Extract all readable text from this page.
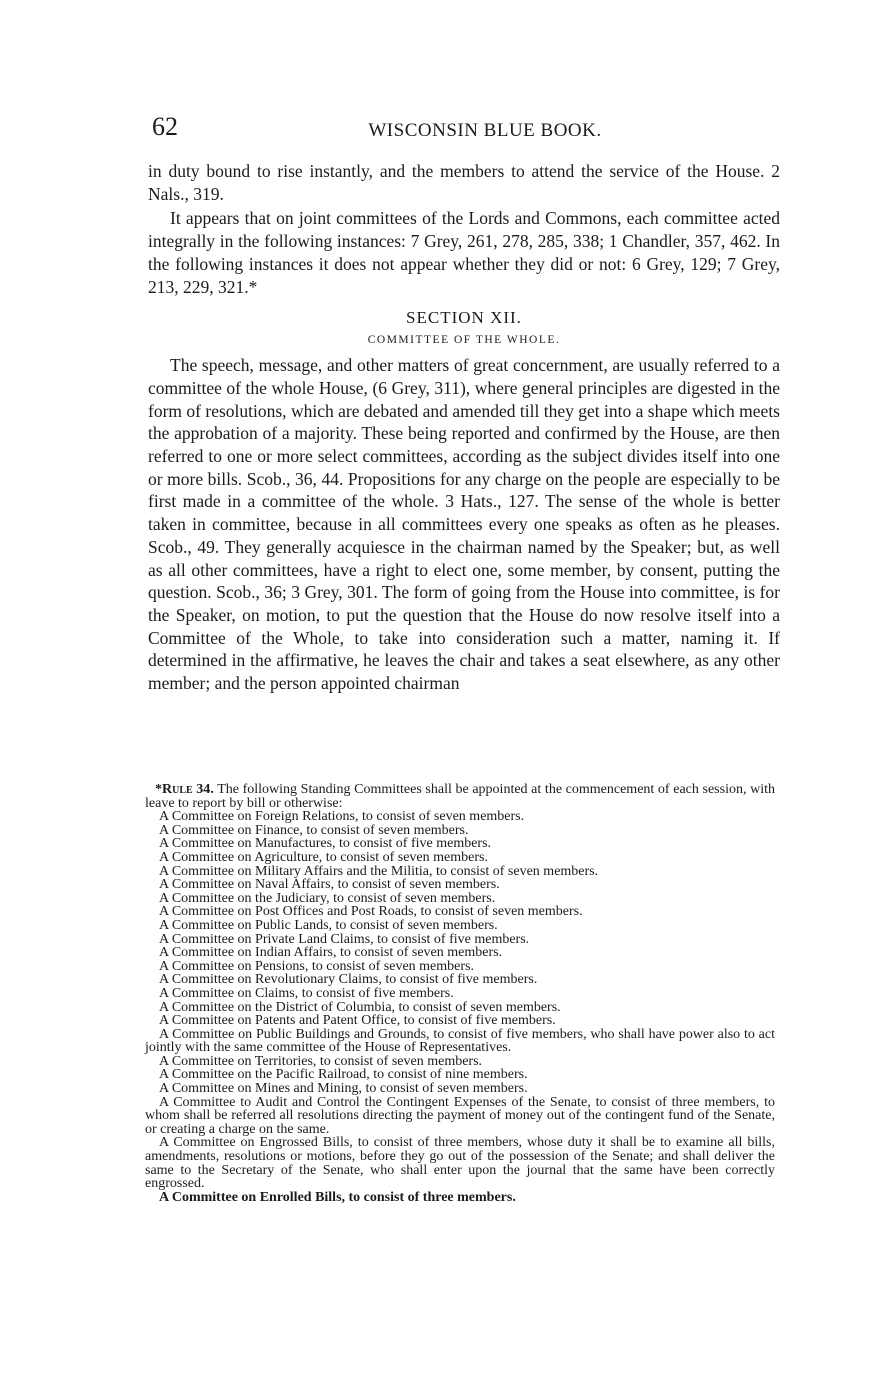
62	WISCONSIN BLUE BOOK.

in duty bound to rise instantly, and the members to attend the service of the House. 2 Nals., 319.

It appears that on joint committees of the Lords and Commons, each committee acted integrally in the following instances: 7 Grey, 261, 278, 285, 338; 1 Chandler, 357, 462. In the following instances it does not appear whether they did or not: 6 Grey, 129; 7 Grey, 213, 229, 321.*

SECTION XII.
COMMITTEE OF THE WHOLE.

The speech, message, and other matters of great concernment, are usually referred to a committee of the whole House, (6 Grey, 311), where general principles are digested in the form of resolutions, which are debated and amended till they get into a shape which meets the approbation of a majority. These being reported and confirmed by the House, are then referred to one or more select committees, according as the subject divides itself into one or more bills. Scob., 36, 44. Propositions for any charge on the people are especially to be first made in a committee of the whole. 3 Hats., 127. The sense of the whole is better taken in committee, because in all committees every one speaks as often as he pleases. Scob., 49. They generally acquiesce in the chairman named by the Speaker; but, as well as all other committees, have a right to elect one, some member, by consent, putting the question. Scob., 36; 3 Grey, 301. The form of going from the House into committee, is for the Speaker, on motion, to put the question that the House do now resolve itself into a Committee of the Whole, to take into consideration such a matter, naming it. If determined in the affirmative, he leaves the chair and takes a seat elsewhere, as any other member; and the person appointed chairman

*Rule 34. The following Standing Committees shall be appointed at the commencement of each session, with leave to report by bill or otherwise:

A Committee on Foreign Relations, to consist of seven members.

A Committee on Finance, to consist of seven members.

A Committee on Manufactures, to consist of five members.

A Committee on Agriculture, to consist of seven members.

A Committee on Military Affairs and the Militia, to consist of seven members.

A Committee on Naval Affairs, to consist of seven members.

A Committee on the Judiciary, to consist of seven members.

A Committee on Post Offices and Post Roads, to consist of seven members.

A Committee on Public Lands, to consist of seven members.

A Committee on Private Land Claims, to consist of five members.

A Committee on Indian Affairs, to consist of seven members.

A Committee on Pensions, to consist of seven members.

A Committee on Revolutionary Claims, to consist of five members.

A Committee on Claims, to consist of five members.

A Committee on the District of Columbia, to consist of seven members.

A Committee on Patents and Patent Office, to consist of five members.

A Committee on Public Buildings and Grounds, to consist of five members, who shall have power also to act jointly with the same committee of the House of Representatives.

A Committee on Territories, to consist of seven members.

A Committee on the Pacific Railroad, to consist of nine members.

A Committee on Mines and Mining, to consist of seven members.

A Committee to Audit and Control the Contingent Expenses of the Senate, to consist of three members, to whom shall be referred all resolutions directing the payment of money out of the contingent fund of the Senate, or creating a charge on the same.

A Committee on Engrossed Bills, to consist of three members, whose duty it shall be to examine all bills, amendments, resolutions or motions, before they go out of the possession of the Senate; and shall deliver the same to the Secretary of the Senate, who shall enter upon the journal that the same have been correctly engrossed.

A Committee on Enrolled Bills, to consist of three members.
